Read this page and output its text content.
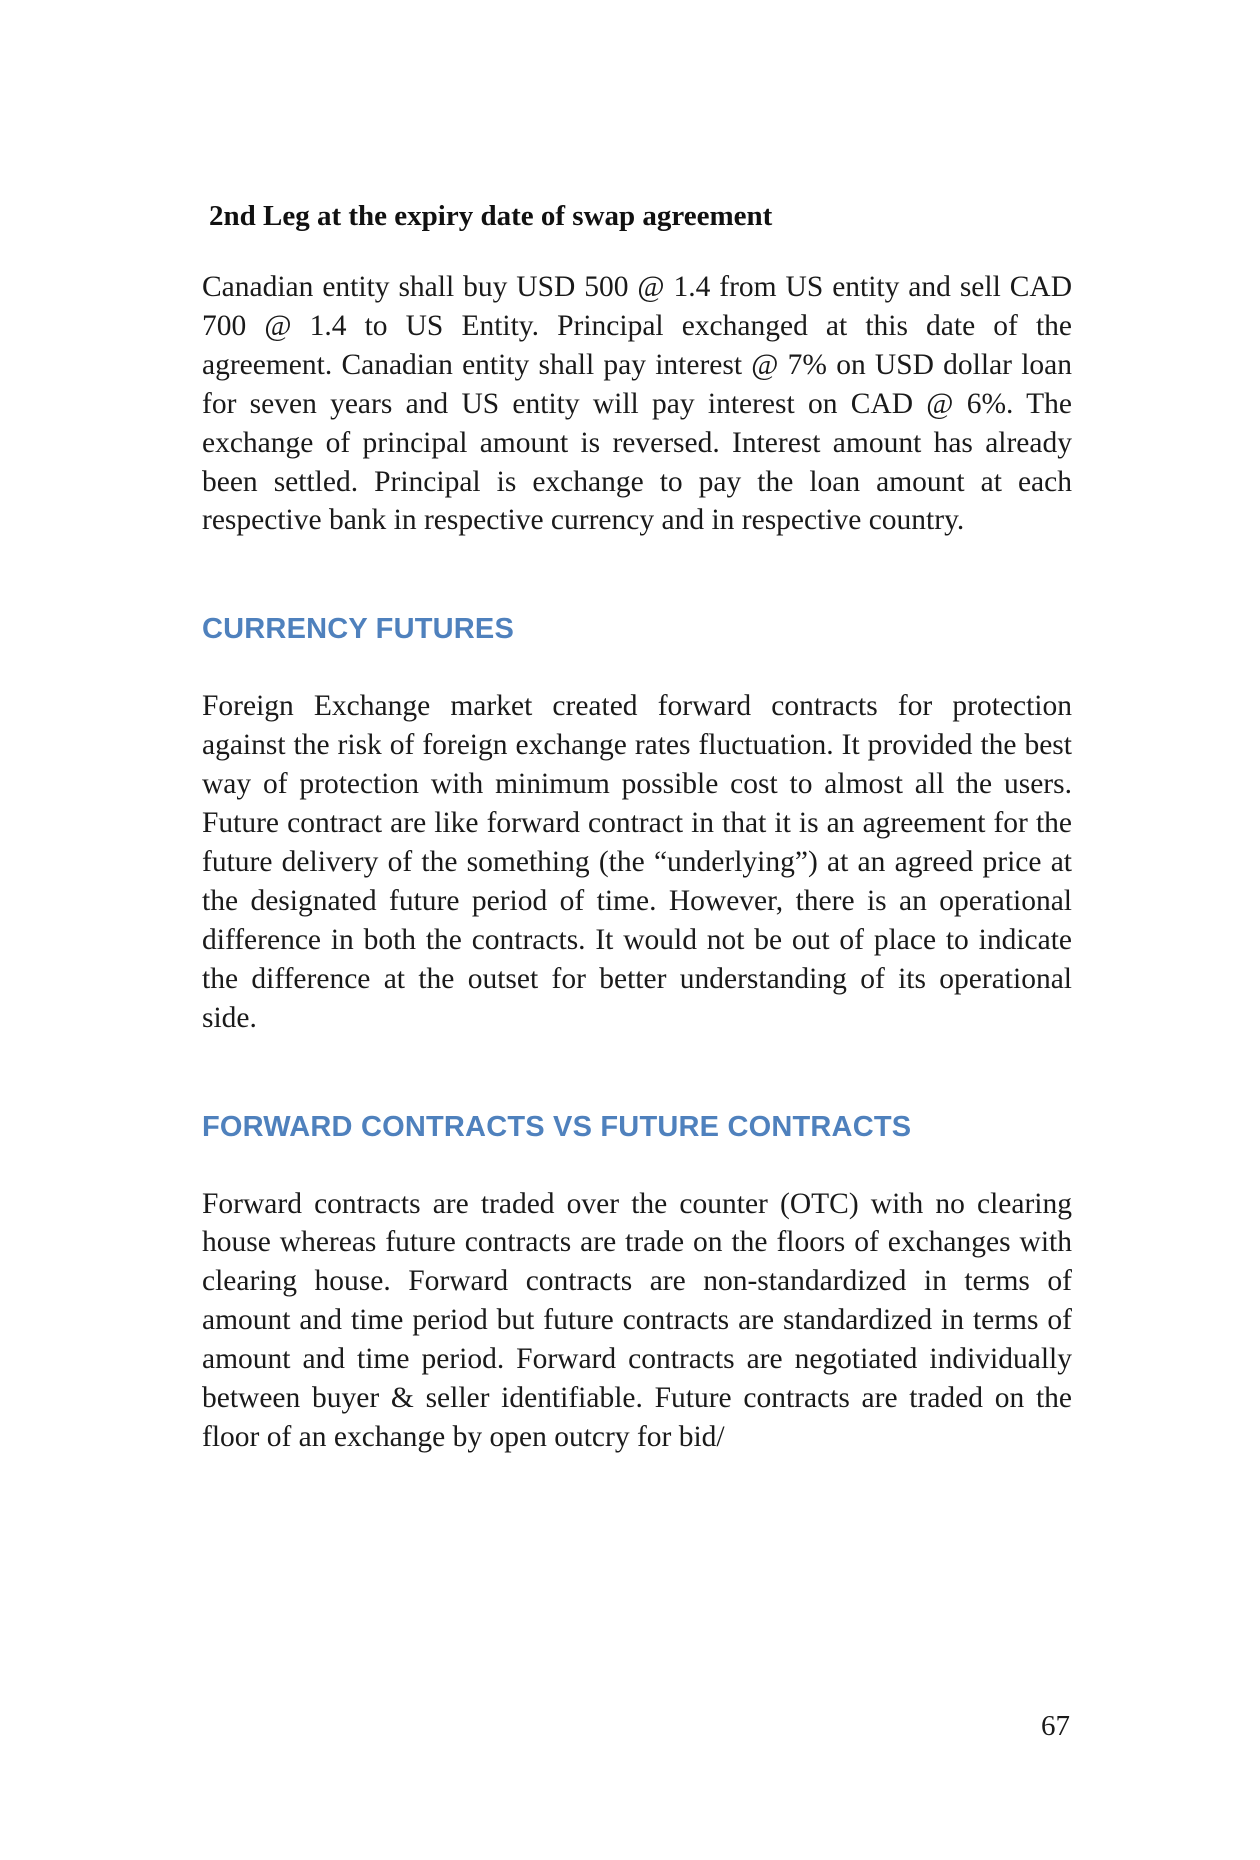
2nd Leg at the expiry date of swap agreement

Canadian entity shall buy USD 500 @ 1.4 from US entity and sell CAD 700 @ 1.4 to US Entity. Principal exchanged at this date of the agreement. Canadian entity shall pay interest @ 7% on USD dollar loan for seven years and US entity will pay interest on CAD @ 6%. The exchange of principal amount is reversed. Interest amount has already been settled. Principal is exchange to pay the loan amount at each respective bank in respective currency and in respective country.

CURRENCY FUTURES

Foreign Exchange market created forward contracts for protection against the risk of foreign exchange rates fluctuation. It provided the best way of protection with minimum possible cost to almost all the users. Future contract are like forward contract in that it is an agreement for the future delivery of the something (the “underlying”) at an agreed price at the designated future period of time. However, there is an operational difference in both the contracts. It would not be out of place to indicate the difference at the outset for better understanding of its operational side.

FORWARD CONTRACTS VS FUTURE CONTRACTS

Forward contracts are traded over the counter (OTC) with no clearing house whereas future contracts are trade on the floors of exchanges with clearing house. Forward contracts are non-standardized in terms of amount and time period but future contracts are standardized in terms of amount and time period. Forward contracts are negotiated individually between buyer & seller identifiable. Future contracts are traded on the floor of an exchange by open outcry for bid/

67
